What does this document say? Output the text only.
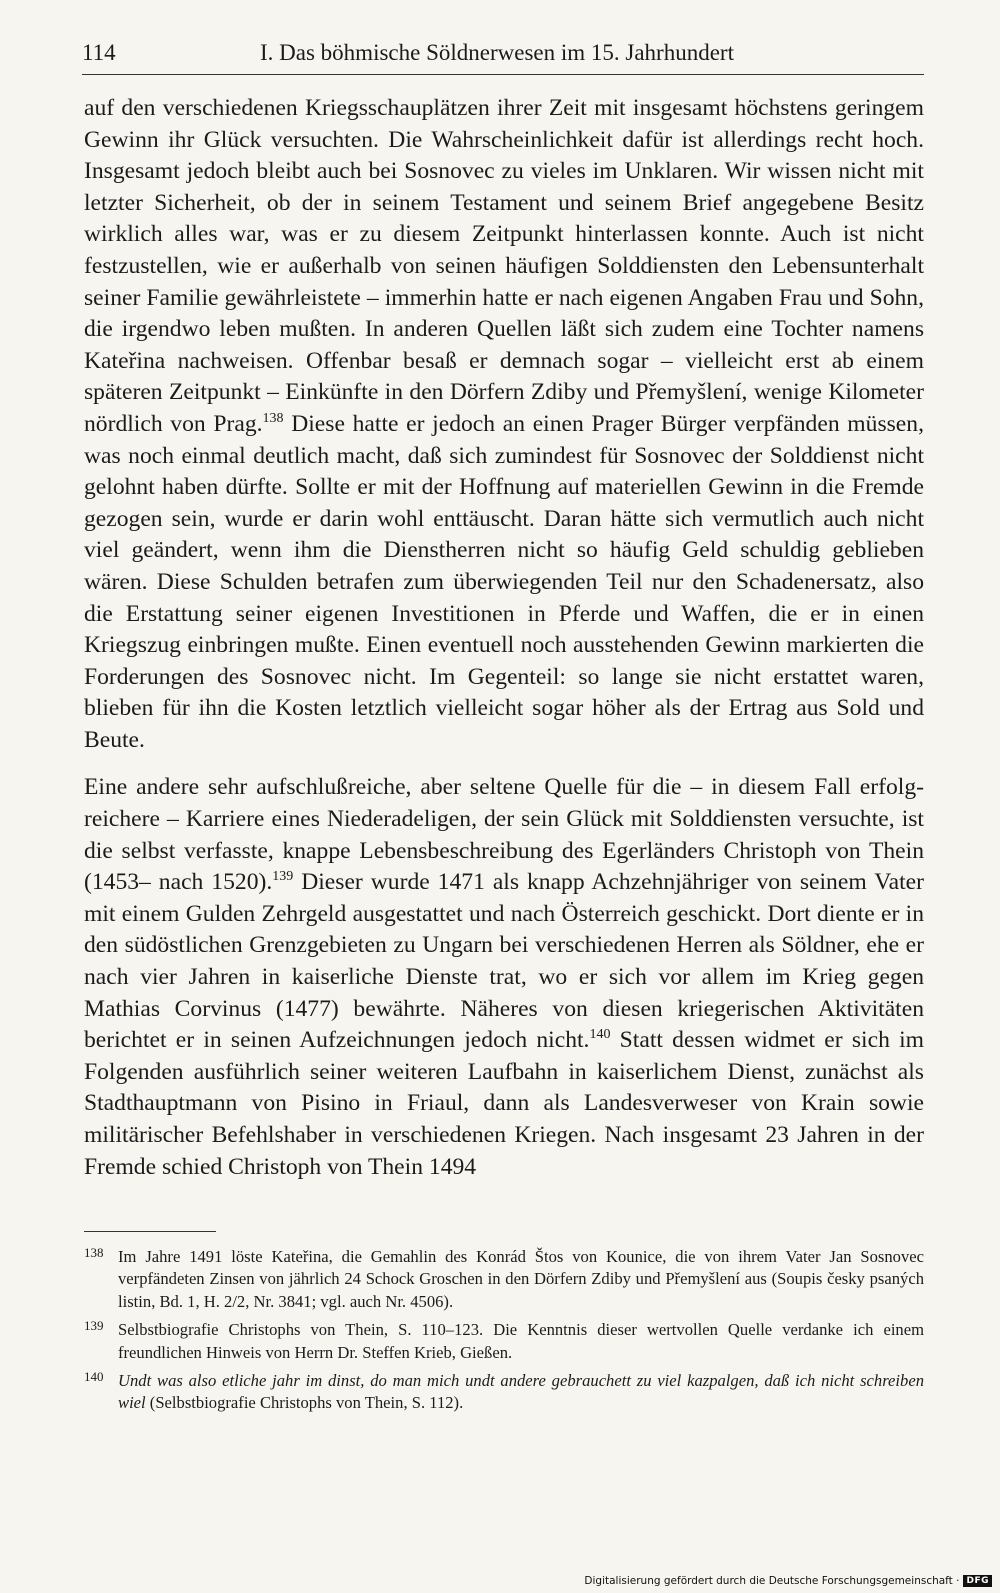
114	I. Das böhmische Söldnerwesen im 15. Jahrhundert

auf den verschiedenen Kriegsschauplätzen ihrer Zeit mit insgesamt höchstens geringem Gewinn ihr Glück versuchten. Die Wahrscheinlichkeit dafür ist allerdings recht hoch. Insgesamt jedoch bleibt auch bei Sosnovec zu vieles im Unklaren. Wir wissen nicht mit letzter Sicherheit, ob der in seinem Testament und seinem Brief angegebene Besitz wirklich alles war, was er zu diesem Zeitpunkt hinterlassen konnte. Auch ist nicht festzustellen, wie er außerhalb von seinen häufigen Solddiensten den Lebensunterhalt seiner Familie gewährleistete – immerhin hatte er nach eigenen Angaben Frau und Sohn, die irgendwo leben mußten. In anderen Quellen läßt sich zudem eine Tochter namens Kateřina nachweisen. Offenbar besaß er demnach sogar – vielleicht erst ab einem späteren Zeitpunkt – Einkünfte in den Dörfern Zdiby und Přemyšlení, wenige Kilometer nördlich von Prag.$^{138}$ Diese hatte er jedoch an einen Prager Bürger verpfänden müssen, was noch einmal deutlich macht, daß sich zumindest für Sosnovec der Solddienst nicht gelohnt haben dürfte. Sollte er mit der Hoffnung auf materiellen Gewinn in die Fremde gezogen sein, wurde er darin wohl enttäuscht. Daran hätte sich vermutlich auch nicht viel geändert, wenn ihm die Dienstherren nicht so häufig Geld schuldig geblieben wären. Diese Schulden betrafen zum überwiegenden Teil nur den Schadenersatz, also die Erstattung seiner eigenen Investitionen in Pferde und Waffen, die er in einen Kriegszug einbringen mußte. Einen eventuell noch ausstehenden Gewinn markierten die Forderungen des Sosnovec nicht. Im Gegenteil: so lange sie nicht erstattet waren, blieben für ihn die Kosten letztlich vielleicht sogar höher als der Ertrag aus Sold und Beute.

Eine andere sehr aufschlußreiche, aber seltene Quelle für die – in diesem Fall erfolgreichere – Karriere eines Niederadeligen, der sein Glück mit Solddiensten versuchte, ist die selbst verfasste, knappe Lebensbeschreibung des Egerländers Christoph von Thein (1453– nach 1520).$^{139}$ Dieser wurde 1471 als knapp Achzehnjähriger von seinem Vater mit einem Gulden Zehrgeld ausgestattet und nach Österreich geschickt. Dort diente er in den südöstlichen Grenzgebieten zu Ungarn bei verschiedenen Herren als Söldner, ehe er nach vier Jahren in kaiserliche Dienste trat, wo er sich vor allem im Krieg gegen Mathias Corvinus (1477) bewährte. Näheres von diesen kriegerischen Aktivitäten berichtet er in seinen Aufzeichnungen jedoch nicht.$^{140}$ Statt dessen widmet er sich im Folgenden ausführlich seiner weiteren Laufbahn in kaiserlichem Dienst, zunächst als Stadthauptmann von Pisino in Friaul, dann als Landesverweser von Krain sowie militärischer Befehlshaber in verschiedenen Kriegen. Nach insgesamt 23 Jahren in der Fremde schied Christoph von Thein 1494

138 Im Jahre 1491 löste Kateřina, die Gemahlin des Konrád Štos von Kounice, die von ihrem Vater Jan Sosnovec verpfändeten Zinsen von jährlich 24 Schock Groschen in den Dörfern Zdiby und Přemyšlení aus (Soupis česky psaných listin, Bd. 1, H. 2/2, Nr. 3841; vgl. auch Nr. 4506).
139 Selbstbiografie Christophs von Thein, S. 110–123. Die Kenntnis dieser wertvollen Quelle verdanke ich einem freundlichen Hinweis von Herrn Dr. Steffen Krieb, Gießen.
140 Undt was also etliche jahr im dinst, do man mich undt andere gebrauchett zu viel kazpalgen, daß ich nicht schreiben wiel (Selbstbiografie Christophs von Thein, S. 112).
Digitalisierung gefördert durch die Deutsche Forschungsgemeinschaft · DFG
